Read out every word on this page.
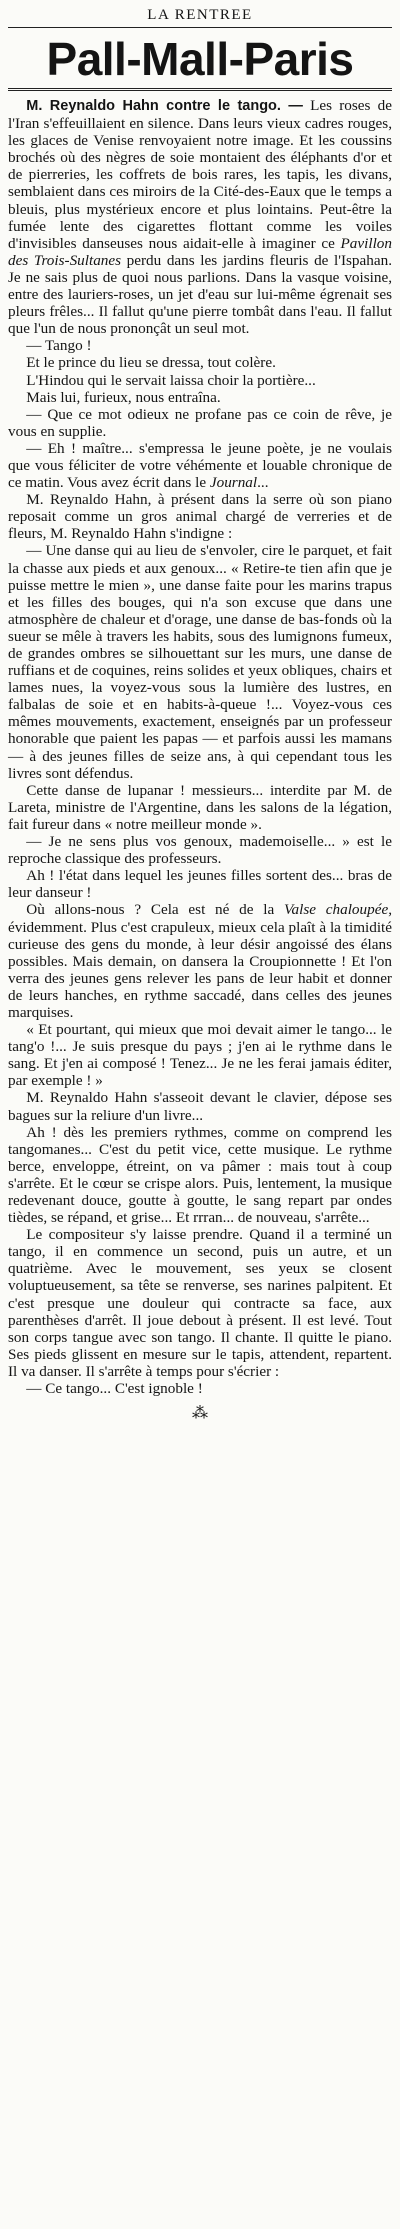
LA RENTREE

Pall-Mall-Paris

M. Reynaldo Hahn contre le tango. — Les roses de l'Iran s'effeuillaient en silence. Dans leurs vieux cadres rouges, les glaces de Venise renvoyaient notre image. Et les coussins brochés où des nègres de soie montaient des éléphants d'or et de pierreries, les coffrets de bois rares, les tapis, les divans, semblaient dans ces miroirs de la Cité-des-Eaux que le temps a bleuis, plus mystérieux encore et plus lointains. Peut-être la fumée lente des cigarettes flottant comme les voiles d'invisibles danseuses nous aidait-elle à imaginer ce Pavillon des Trois-Sultanes perdu dans les jardins fleuris de l'Ispahan. Je ne sais plus de quoi nous parlions. Dans la vasque voisine, entre des lauriers-roses, un jet d'eau sur lui-même égrenait ses pleurs frêles... Il fallut qu'une pierre tombât dans l'eau. Il fallut que l'un de nous prononçât un seul mot.

— Tango !

Et le prince du lieu se dressa, tout colère.

L'Hindou qui le servait laissa choir la portière...

Mais lui, furieux, nous entraîna.

— Que ce mot odieux ne profane pas ce coin de rêve, je vous en supplie.

— Eh ! maître... s'empressa le jeune poète, je ne voulais que vous féliciter de votre véhémente et louable chronique de ce matin. Vous avez écrit dans le Journal...

M. Reynaldo Hahn, à présent dans la serre où son piano reposait comme un gros animal chargé de verreries et de fleurs, M. Reynaldo Hahn s'indigne :

— Une danse qui au lieu de s'envoler, cire le parquet, et fait la chasse aux pieds et aux genoux... « Retire-te tien afin que je puisse mettre le mien », une danse faite pour les marins trapus et les filles des bouges, qui n'a son excuse que dans une atmosphère de chaleur et d'orage, une danse de bas-fonds où la sueur se mêle à travers les habits, sous des lumignons fumeux, de grandes ombres se silhouettant sur les murs, une danse de ruffians et de coquines, reins solides et yeux obliques, chairs et lames nues, la voyez-vous sous la lumière des lustres, en falbalas de soie et en habits-à-queue !... Voyez-vous ces mêmes mouvements, exactement, enseignés par un professeur honorable que paient les papas — et parfois aussi les mamans — à des jeunes filles de seize ans, à qui cependant tous les livres sont défendus.

Cette danse de lupanar ! messieurs... interdite par M. de Lareta, ministre de l'Argentine, dans les salons de la légation, fait fureur dans « notre meilleur monde ».

— Je ne sens plus vos genoux, mademoiselle... » est le reproche classique des professeurs.

Ah ! l'état dans lequel les jeunes filles sortent des... bras de leur danseur !

Où allons-nous ? Cela est né de la Valse chaloupée, évidemment. Plus c'est crapuleux, mieux cela plaît à la timidité curieuse des gens du monde, à leur désir angoissé des élans possibles. Mais demain, on dansera la Croupionnette ! Et l'on verra des jeunes gens relever les pans de leur habit et donner de leurs hanches, en rythme saccadé, dans celles des jeunes marquises.

« Et pourtant, qui mieux que moi devait aimer le tango... le tang'o !... Je suis presque du pays ; j'en ai le rythme dans le sang. Et j'en ai composé ! Tenez... Je ne les ferai jamais éditer, par exemple ! »

M. Reynaldo Hahn s'asseoit devant le clavier, dépose ses bagues sur la reliure d'un livre...

Ah ! dès les premiers rythmes, comme on comprend les tangomanes... C'est du petit vice, cette musique. Le rythme berce, enveloppe, étreint, on va pâmer : mais tout à coup s'arrête. Et le cœur se crispe alors. Puis, lentement, la musique redevenant douce, goutte à goutte, le sang repart par ondes tièdes, se répand, et grise... Et rrran... de nouveau, s'arrête...

Le compositeur s'y laisse prendre. Quand il a terminé un tango, il en commence un second, puis un autre, et un quatrième. Avec le mouvement, ses yeux se closent voluptueusement, sa tête se renverse, ses narines palpitent. Et c'est presque une douleur qui contracte sa face, aux parenthèses d'arrêt. Il joue debout à présent. Il est levé. Tout son corps tangue avec son tango. Il chante. Il quitte le piano. Ses pieds glissent en mesure sur le tapis, attendent, repartent. Il va danser. Il s'arrête à temps pour s'écrier :

— Ce tango... C'est ignoble !

⁂
